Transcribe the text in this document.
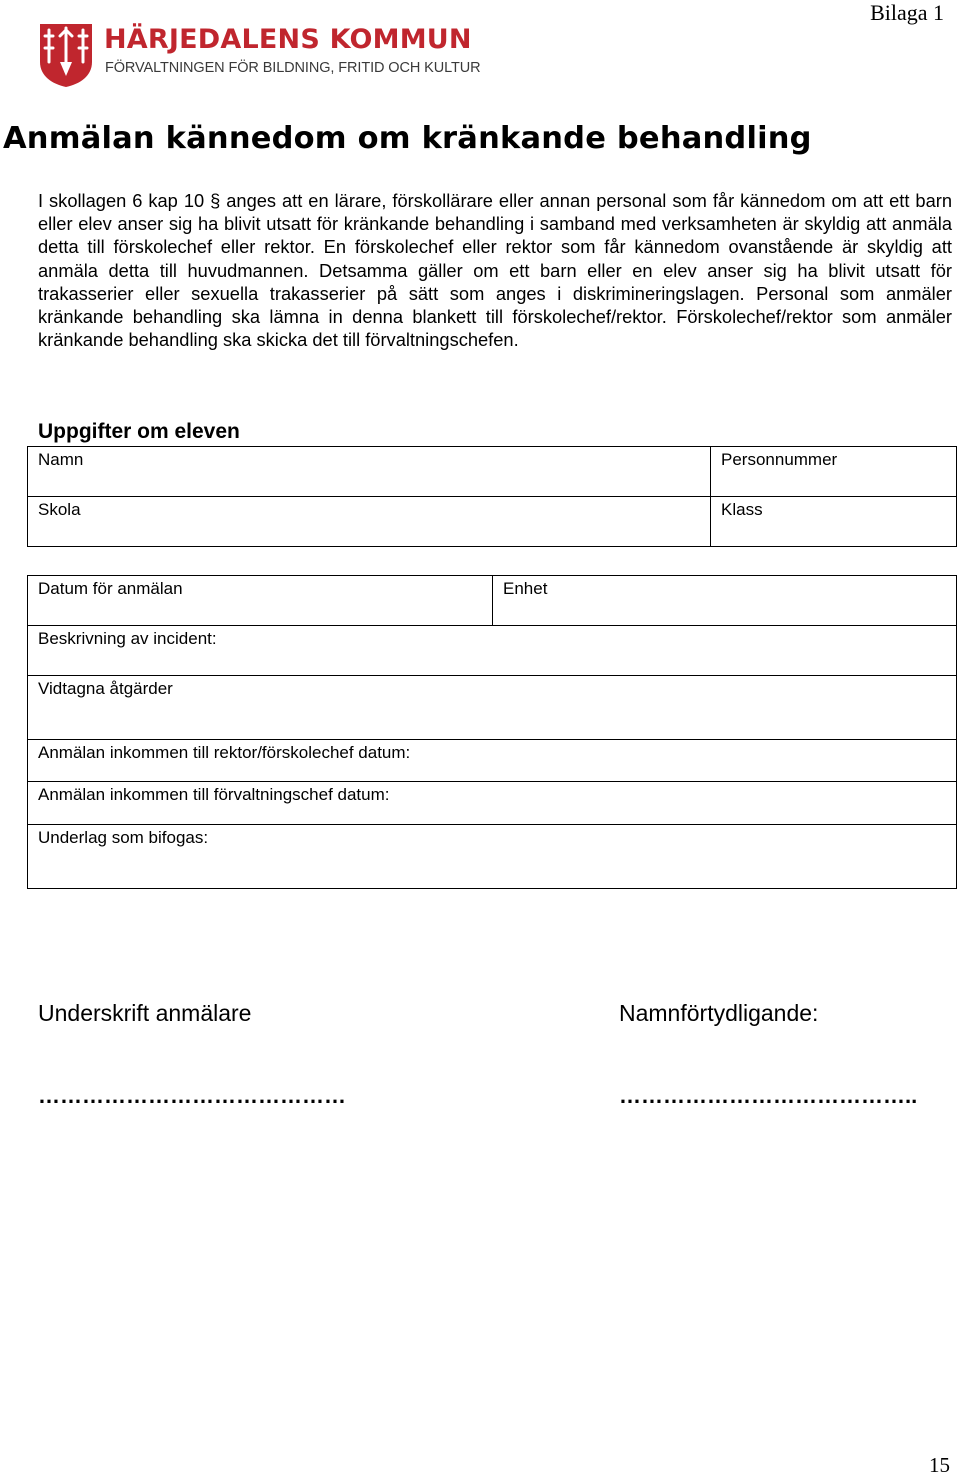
Bilaga 1
HÄRJEDALENS KOMMUN
FÖRVALTNINGEN FÖR BILDNING, FRITID OCH KULTUR
Anmälan kännedom om kränkande behandling
I skollagen 6 kap 10 § anges att en lärare, förskollärare eller annan personal som får kännedom om att ett barn eller elev anser sig ha blivit utsatt för kränkande behandling i samband med verksamheten är skyldig att anmäla detta till förskolechef eller rektor. En förskolechef eller rektor som får kännedom ovanstående är skyldig att anmäla detta till huvudmannen. Detsamma gäller om ett barn eller en elev anser sig ha blivit utsatt för trakasserier eller sexuella trakasserier på sätt som anges i diskrimineringslagen. Personal som anmäler kränkande behandling ska lämna in denna blankett till förskolechef/rektor. Förskolechef/rektor som anmäler kränkande behandling ska skicka det till förvaltningschefen.
Uppgifter om eleven
Namn	Personnummer

Skola	Klass
Datum för anmälan	Enhet

Beskrivning av incident:

Vidtagna åtgärder

Anmälan inkommen till rektor/förskolechef datum:

Anmälan inkommen till förvaltningschef datum:

Underlag som bifogas:
Underskrift anmälare	Namnförtydligande:
……………………………………	…………………………………..
15
